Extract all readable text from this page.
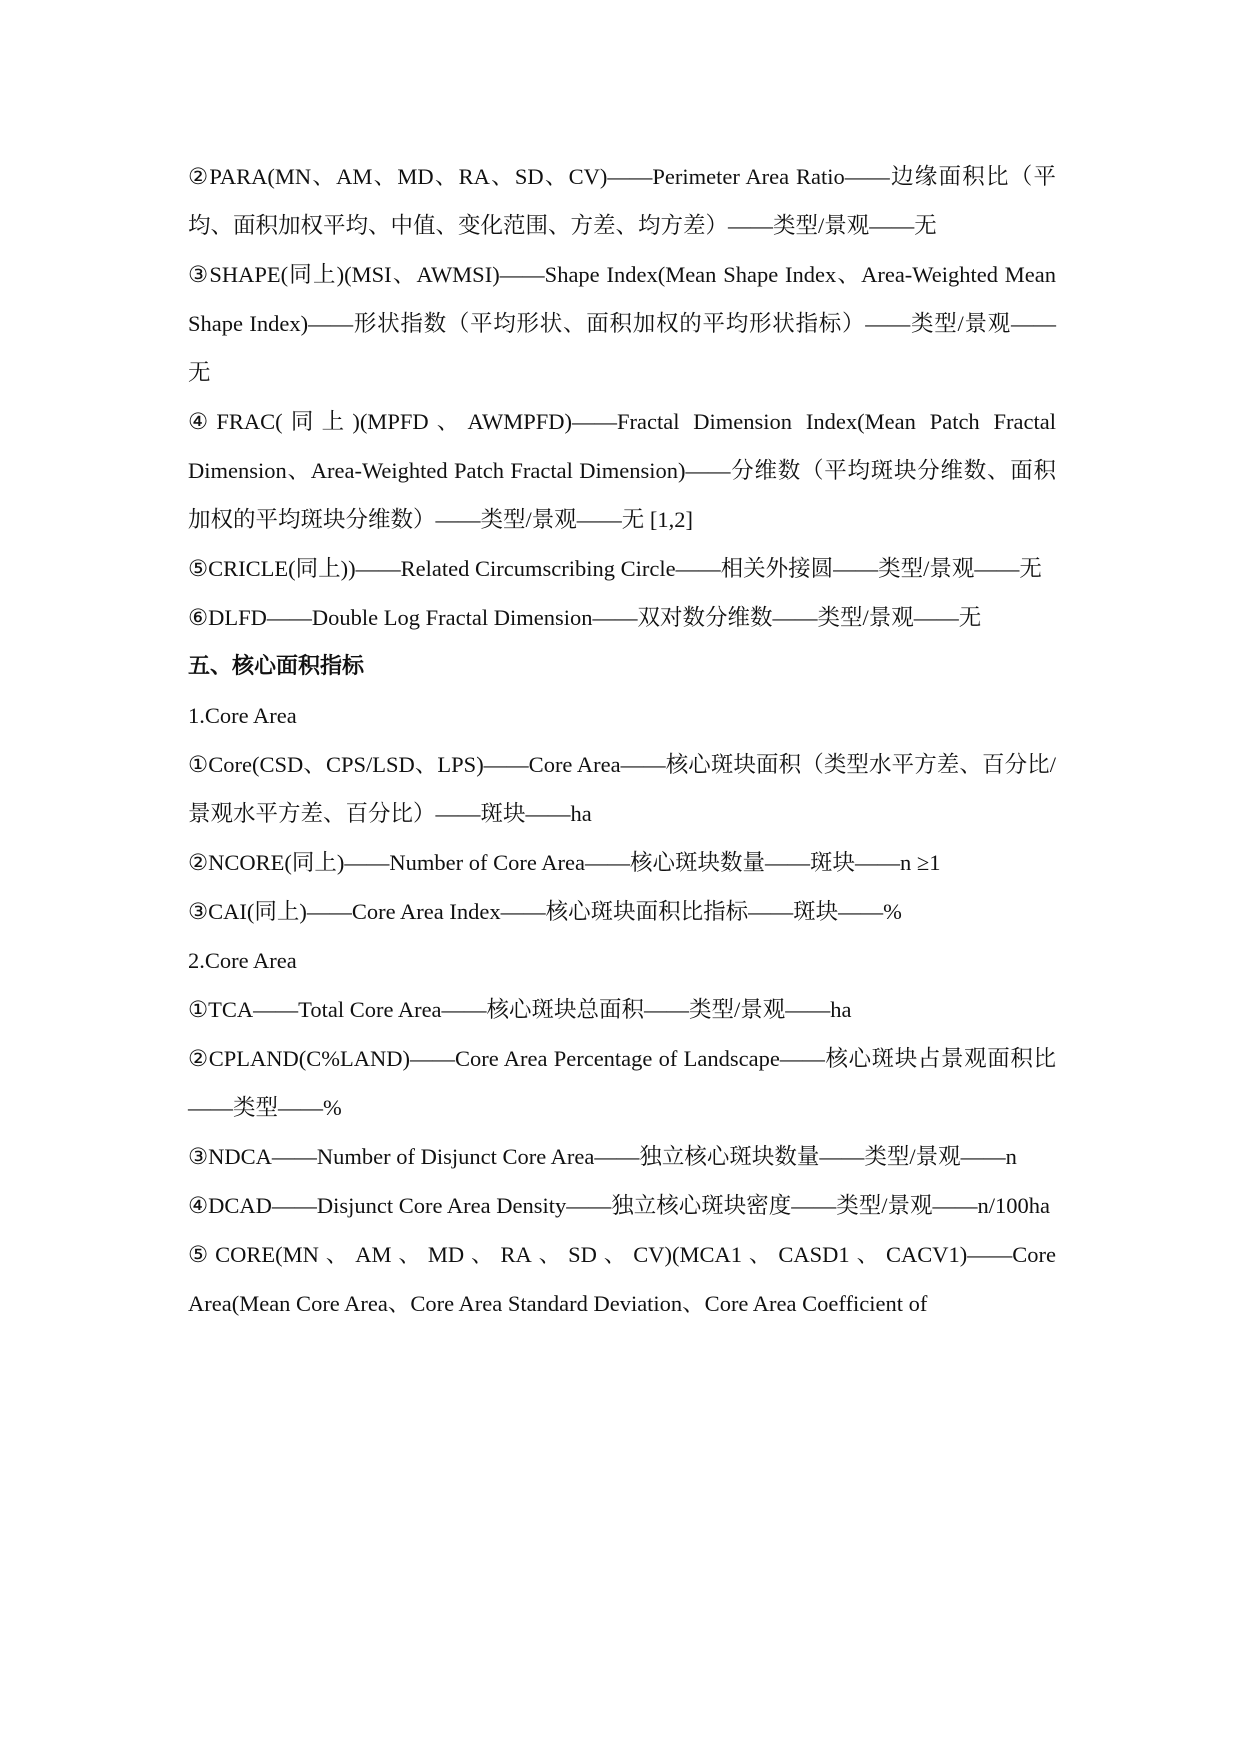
②PARA(MN、AM、MD、RA、SD、CV)——Perimeter Area Ratio——边缘面积比（平均、面积加权平均、中值、变化范围、方差、均方差）——类型/景观——无

③SHAPE(同上)(MSI、AWMSI)——Shape Index(Mean Shape Index、Area-Weighted Mean Shape Index)——形状指数（平均形状、面积加权的平均形状指标）——类型/景观——无

④FRAC(同上)(MPFD、AWMPFD)——Fractal Dimension Index(Mean Patch Fractal Dimension、Area-Weighted Patch Fractal Dimension)——分维数（平均斑块分维数、面积加权的平均斑块分维数）——类型/景观——无 [1,2]

⑤CRICLE(同上))——Related Circumscribing Circle——相关外接圆——类型/景观——无

⑥DLFD——Double Log Fractal Dimension——双对数分维数——类型/景观——无

五、核心面积指标

1.Core Area

①Core(CSD、CPS/LSD、LPS)——Core Area——核心斑块面积（类型水平方差、百分比/景观水平方差、百分比）——斑块——ha

②NCORE(同上)——Number of Core Area——核心斑块数量——斑块——n ≥1

③CAI(同上)——Core Area Index——核心斑块面积比指标——斑块——%

2.Core Area

①TCA——Total Core Area——核心斑块总面积——类型/景观——ha

②CPLAND(C%LAND)——Core Area Percentage of Landscape——核心斑块占景观面积比——类型——%

③NDCA——Number of Disjunct Core Area——独立核心斑块数量——类型/景观——n

④DCAD——Disjunct Core Area Density——独立核心斑块密度——类型/景观——n/100ha

⑤CORE(MN、AM、MD、RA、SD、CV)(MCA1、CASD1、CACV1)——Core Area(Mean Core Area、Core Area Standard Deviation、Core Area Coefficient of
